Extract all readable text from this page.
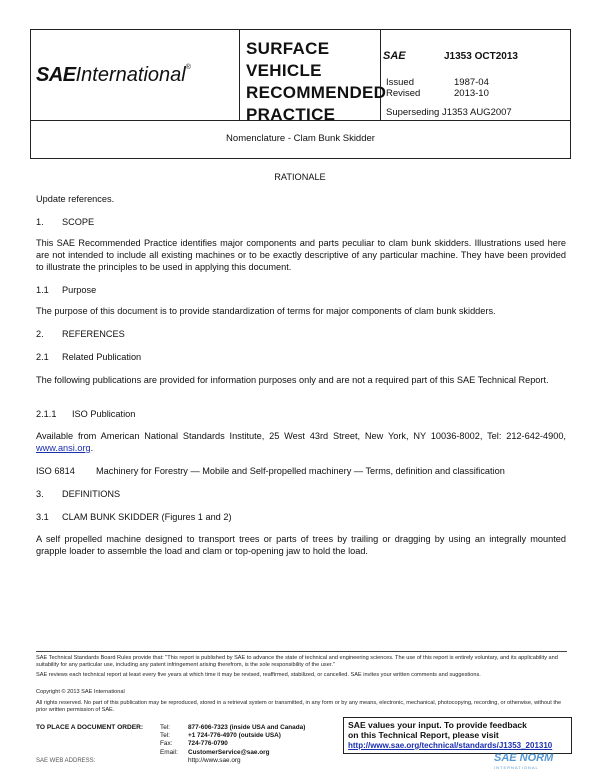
SAEInternational®
SURFACE
VEHICLE
RECOMMENDED
PRACTICE
SAE	J1353 OCT2013
Issued	1987-04
Revised	2013-10
Superseding J1353 AUG2007
Nomenclature - Clam Bunk Skidder
RATIONALE
Update references.
1. SCOPE
This SAE Recommended Practice identifies major components and parts peculiar to clam bunk skidders. Illustrations used here are not intended to include all existing machines or to be exactly descriptive of any particular machine. They have been provided to illustrate the principles to be used in applying this document.
1.1 Purpose
The purpose of this document is to provide standardization of terms for major components of clam bunk skidders.
2. REFERENCES
2.1 Related Publication
The following publications are provided for information purposes only and are not a required part of this SAE Technical Report.
2.1.1 ISO Publication
Available from American National Standards Institute, 25 West 43rd Street, New York, NY 10036-8002, Tel: 212-642-4900, www.ansi.org.
ISO 6814 Machinery for Forestry — Mobile and Self-propelled machinery — Terms, definition and classification
3. DEFINITIONS
3.1 CLAM BUNK SKIDDER (Figures 1 and 2)
A self propelled machine designed to transport trees or parts of trees by trailing or dragging by using an integrally mounted grapple loader to assemble the load and clam or top-opening jaw to hold the load.
SAE Technical Standards Board Rules provide that: "This report is published by SAE to advance the state of technical and engineering sciences. The use of this report is entirely voluntary, and its applicability and suitability for any particular use, including any patent infringement arising therefrom, is the sole responsibility of the user."
SAE reviews each technical report at least every five years at which time it may be revised, reaffirmed, stabilized, or cancelled. SAE invites your written comments and suggestions.
Copyright © 2013 SAE International
All rights reserved. No part of this publication may be reproduced, stored in a retrieval system or transmitted, in any form or by any means, electronic, mechanical, photocopying, recording, or otherwise, without the prior written permission of SAE.
TO PLACE A DOCUMENT ORDER:	Tel:	877-606-7323 (inside USA and Canada)
Tel:	+1 724-776-4970 (outside USA)
Fax: 724-776-0790
Email: CustomerService@sae.org
http://www.sae.org
SAE values your input. To provide feedback
on this Technical Report, please visit
http://www.sae.org/technical/standards/J1353_201310
SAE WEB ADDRESS:	SAE NORM
INTERNATIONAL
